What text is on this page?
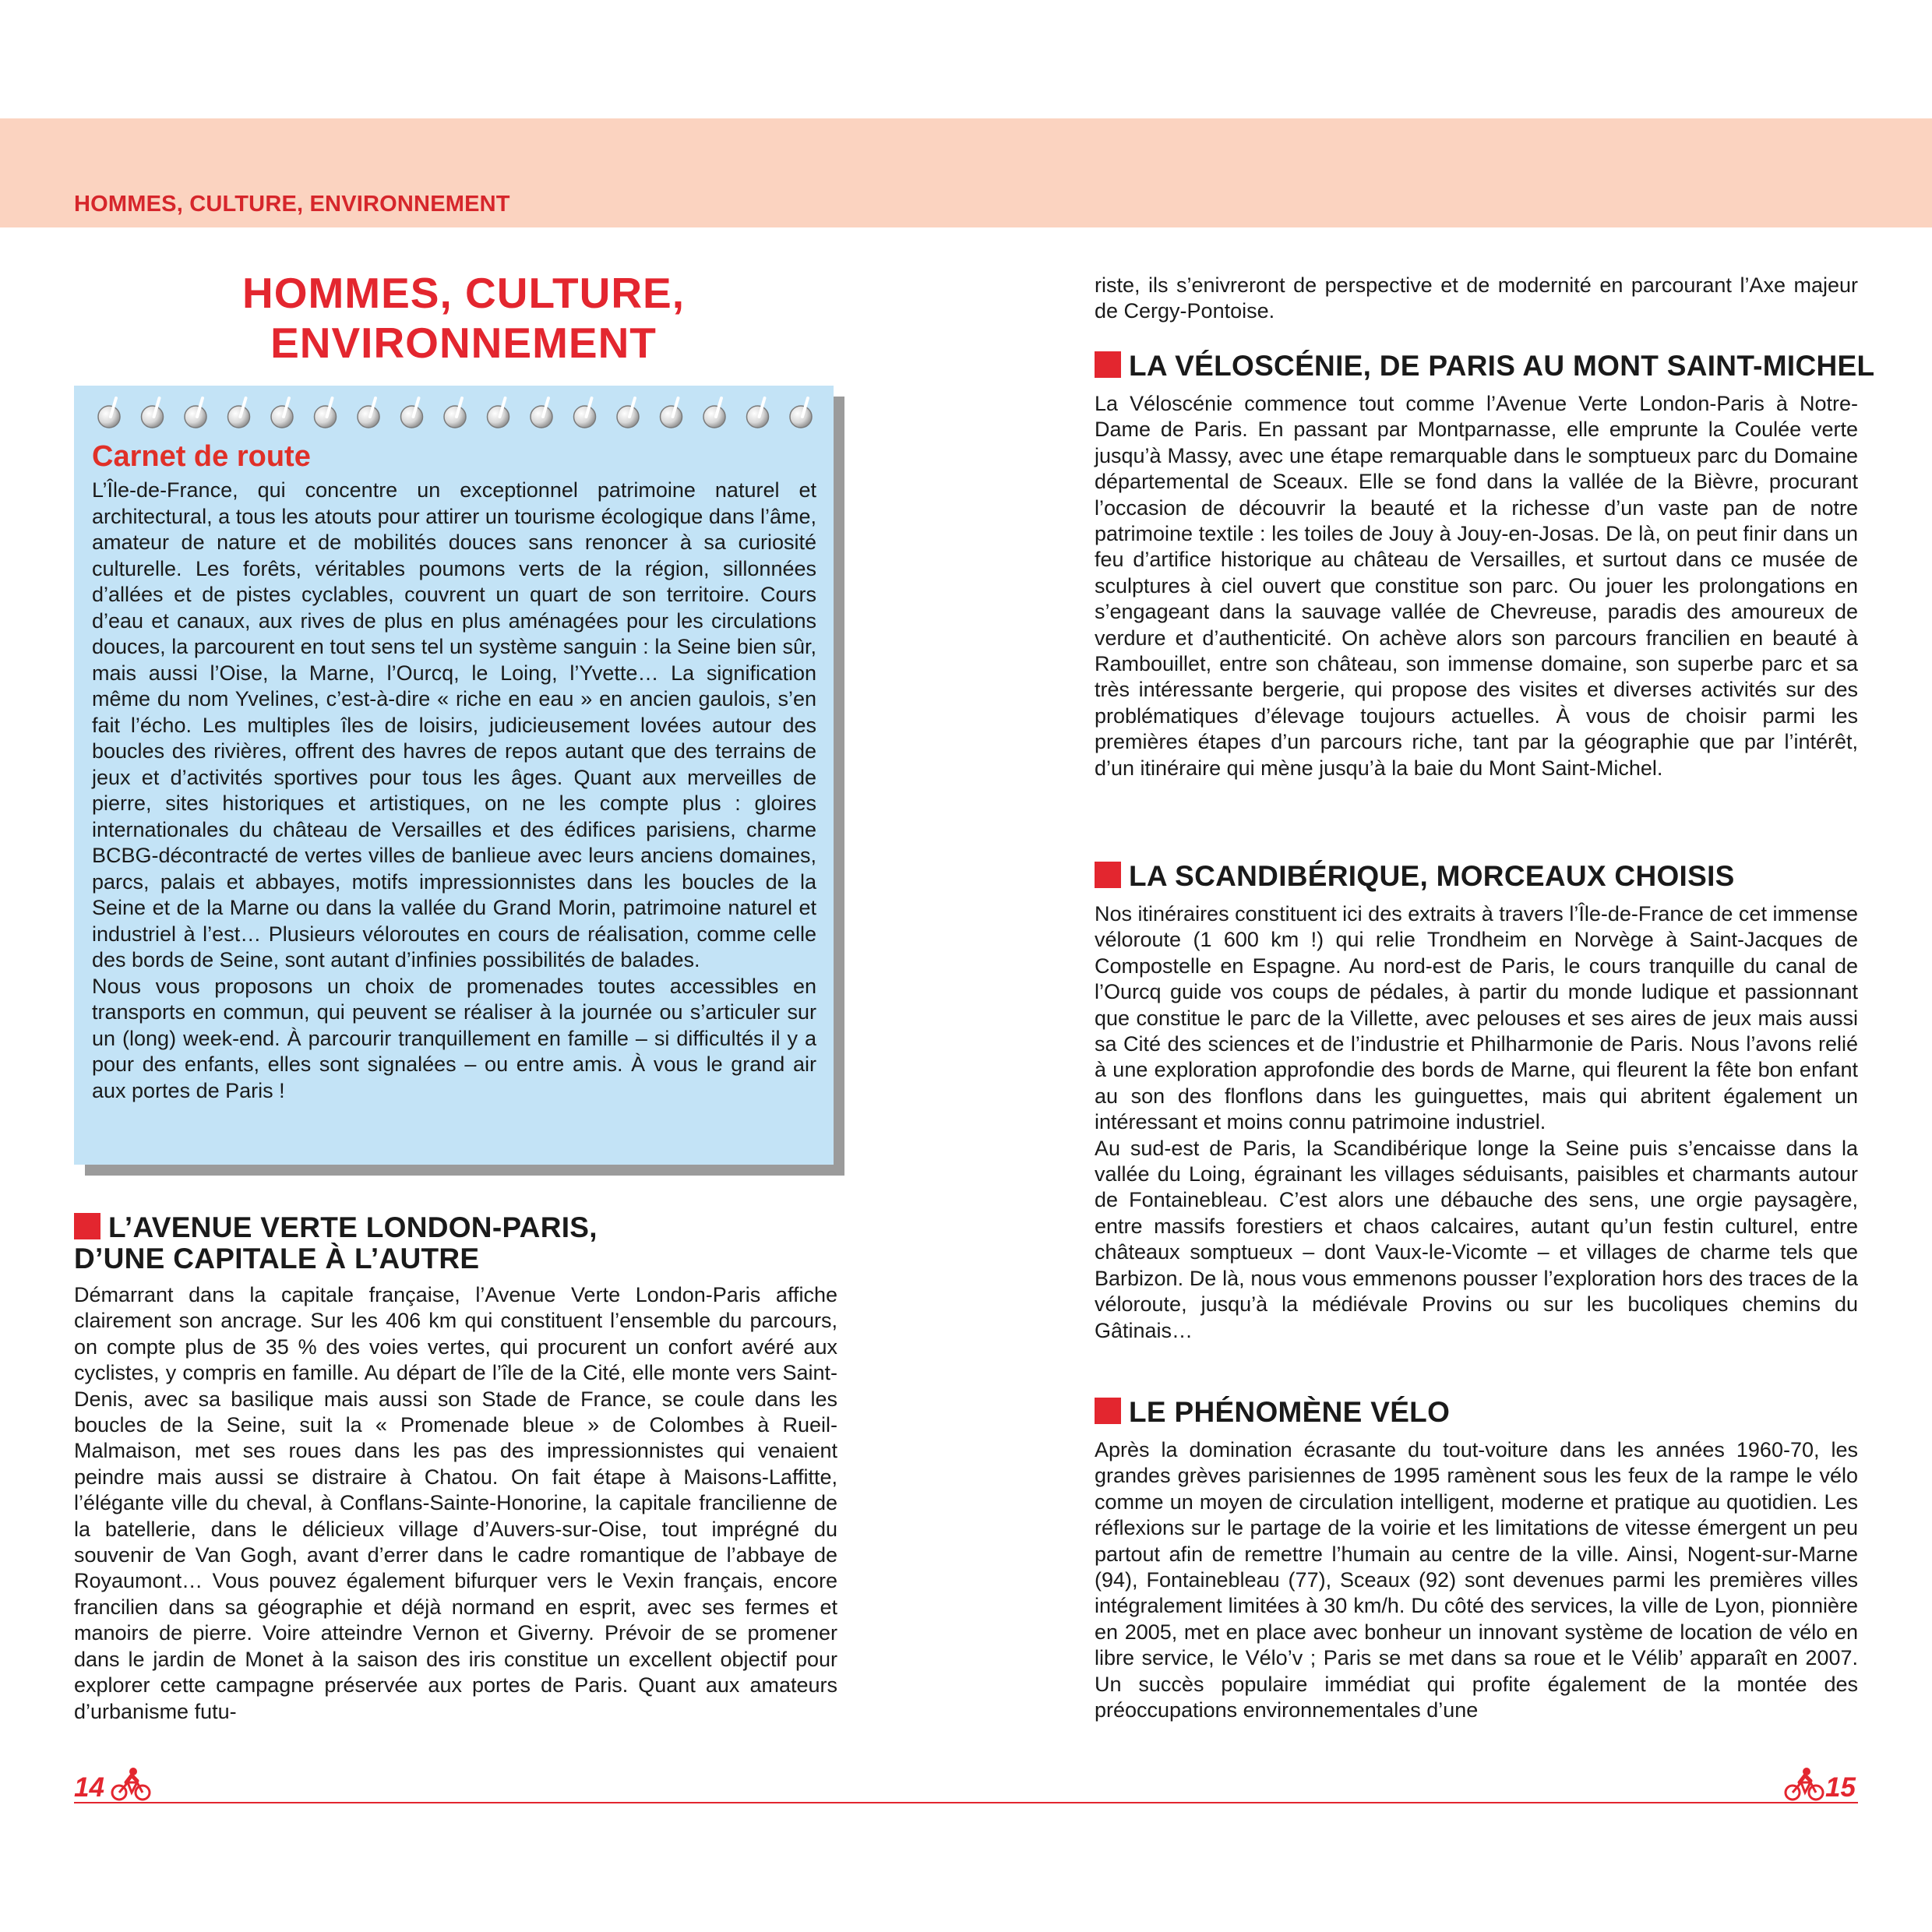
HOMMES, CULTURE, ENVIRONNEMENT
HOMMES, CULTURE,
ENVIRONNEMENT
Carnet de route

L’Île-de-France, qui concentre un exceptionnel patrimoine naturel et architectural, a tous les atouts pour attirer un tourisme écologique dans l’âme, amateur de nature et de mobilités douces sans renoncer à sa curiosité culturelle. Les forêts, véritables poumons verts de la région, sillonnées d’allées et de pistes cyclables, couvrent un quart de son territoire. Cours d’eau et canaux, aux rives de plus en plus aménagées pour les circulations douces, la parcourent en tout sens tel un système sanguin : la Seine bien sûr, mais aussi l’Oise, la Marne, l’Ourcq, le Loing, l’Yvette… La signification même du nom Yvelines, c’est-à-dire « riche en eau » en ancien gaulois, s’en fait l’écho. Les multiples îles de loisirs, judicieusement lovées autour des boucles des rivières, offrent des havres de repos autant que des terrains de jeux et d’activités sportives pour tous les âges. Quant aux merveilles de pierre, sites historiques et artistiques, on ne les compte plus : gloires internationales du château de Versailles et des édifices parisiens, charme BCBG-décontracté de vertes villes de banlieue avec leurs anciens domaines, parcs, palais et abbayes, motifs impressionnistes dans les boucles de la Seine et de la Marne ou dans la vallée du Grand Morin, patrimoine naturel et industriel à l’est… Plusieurs véloroutes en cours de réalisation, comme celle des bords de Seine, sont autant d’infinies possibilités de balades.

Nous vous proposons un choix de promenades toutes accessibles en transports en commun, qui peuvent se réaliser à la journée ou s’articuler sur un (long) week-end. À parcourir tranquillement en famille – si difficultés il y a pour des enfants, elles sont signalées – ou entre amis. À vous le grand air aux portes de Paris !

L’AVENUE VERTE LONDON-PARIS,
D’UNE CAPITALE À L’AUTRE

Démarrant dans la capitale française, l’Avenue Verte London-Paris affiche clairement son ancrage. Sur les 406 km qui constituent l’ensemble du parcours, on compte plus de 35 % des voies vertes, qui procurent un confort avéré aux cyclistes, y compris en famille. Au départ de l’île de la Cité, elle monte vers Saint-Denis, avec sa basilique mais aussi son Stade de France, se coule dans les boucles de la Seine, suit la « Promenade bleue » de Colombes à Rueil-Malmaison, met ses roues dans les pas des impressionnistes qui venaient peindre mais aussi se distraire à Chatou. On fait étape à Maisons-Laffitte, l’élégante ville du cheval, à Conflans-Sainte-Honorine, la capitale francilienne de la batellerie, dans le délicieux village d’Auvers-sur-Oise, tout imprégné du souvenir de Van Gogh, avant d’errer dans le cadre romantique de l’abbaye de Royaumont… Vous pouvez également bifurquer vers le Vexin français, encore francilien dans sa géographie et déjà normand en esprit, avec ses fermes et manoirs de pierre. Voire atteindre Vernon et Giverny. Prévoir de se promener dans le jardin de Monet à la saison des iris constitue un excellent objectif pour explorer cette campagne préservée aux portes de Paris. Quant aux amateurs d’urbanisme futu-

riste, ils s’enivreront de perspective et de modernité en parcourant l’Axe majeur de Cergy-Pontoise.

LA VÉLOSCÉNIE, DE PARIS AU MONT SAINT-MICHEL

La Véloscénie commence tout comme l’Avenue Verte London-Paris à Notre-Dame de Paris. En passant par Montparnasse, elle emprunte la Coulée verte jusqu’à Massy, avec une étape remarquable dans le somptueux parc du Domaine départemental de Sceaux. Elle se fond dans la vallée de la Bièvre, procurant l’occasion de découvrir la beauté et la richesse d’un vaste pan de notre patrimoine textile : les toiles de Jouy à Jouy-en-Josas. De là, on peut finir dans un feu d’artifice historique au château de Versailles, et surtout dans ce musée de sculptures à ciel ouvert que constitue son parc. Ou jouer les prolongations en s’engageant dans la sauvage vallée de Chevreuse, paradis des amoureux de verdure et d’authenticité. On achève alors son parcours francilien en beauté à Rambouillet, entre son château, son immense domaine, son superbe parc et sa très intéressante bergerie, qui propose des visites et diverses activités sur des problématiques d’élevage toujours actuelles. À vous de choisir parmi les premières étapes d’un parcours riche, tant par la géographie que par l’intérêt, d’un itinéraire qui mène jusqu’à la baie du Mont Saint-Michel.

LA SCANDIBÉRIQUE, MORCEAUX CHOISIS

Nos itinéraires constituent ici des extraits à travers l’Île-de-France de cet immense véloroute (1 600 km !) qui relie Trondheim en Norvège à Saint-Jacques de Compostelle en Espagne. Au nord-est de Paris, le cours tranquille du canal de l’Ourcq guide vos coups de pédales, à partir du monde ludique et passionnant que constitue le parc de la Villette, avec pelouses et ses aires de jeux mais aussi sa Cité des sciences et de l’industrie et Philharmonie de Paris. Nous l’avons relié à une exploration approfondie des bords de Marne, qui fleurent la fête bon enfant au son des flonflons dans les guinguettes, mais qui abritent également un intéressant et moins connu patrimoine industriel.

Au sud-est de Paris, la Scandibérique longe la Seine puis s’encaisse dans la vallée du Loing, égrainant les villages séduisants, paisibles et charmants autour de Fontainebleau. C’est alors une débauche des sens, une orgie paysagère, entre massifs forestiers et chaos calcaires, autant qu’un festin culturel, entre châteaux somptueux – dont Vaux-le-Vicomte – et villages de charme tels que Barbizon. De là, nous vous emmenons pousser l’exploration hors des traces de la véloroute, jusqu’à la médiévale Provins ou sur les bucoliques chemins du Gâtinais…

LE PHÉNOMÈNE VÉLO

Après la domination écrasante du tout-voiture dans les années 1960-70, les grandes grèves parisiennes de 1995 ramènent sous les feux de la rampe le vélo comme un moyen de circulation intelligent, moderne et pratique au quotidien. Les réflexions sur le partage de la voirie et les limitations de vitesse émergent un peu partout afin de remettre l’humain au centre de la ville. Ainsi, Nogent-sur-Marne (94), Fontainebleau (77), Sceaux (92) sont devenues parmi les premières villes intégralement limitées à 30 km/h. Du côté des services, la ville de Lyon, pionnière en 2005, met en place avec bonheur un innovant système de location de vélo en libre service, le Vélo’v ; Paris se met dans sa roue et le Vélib’ apparaît en 2007. Un succès populaire immédiat qui profite également de la montée des préoccupations environnementales d’une

14	15
